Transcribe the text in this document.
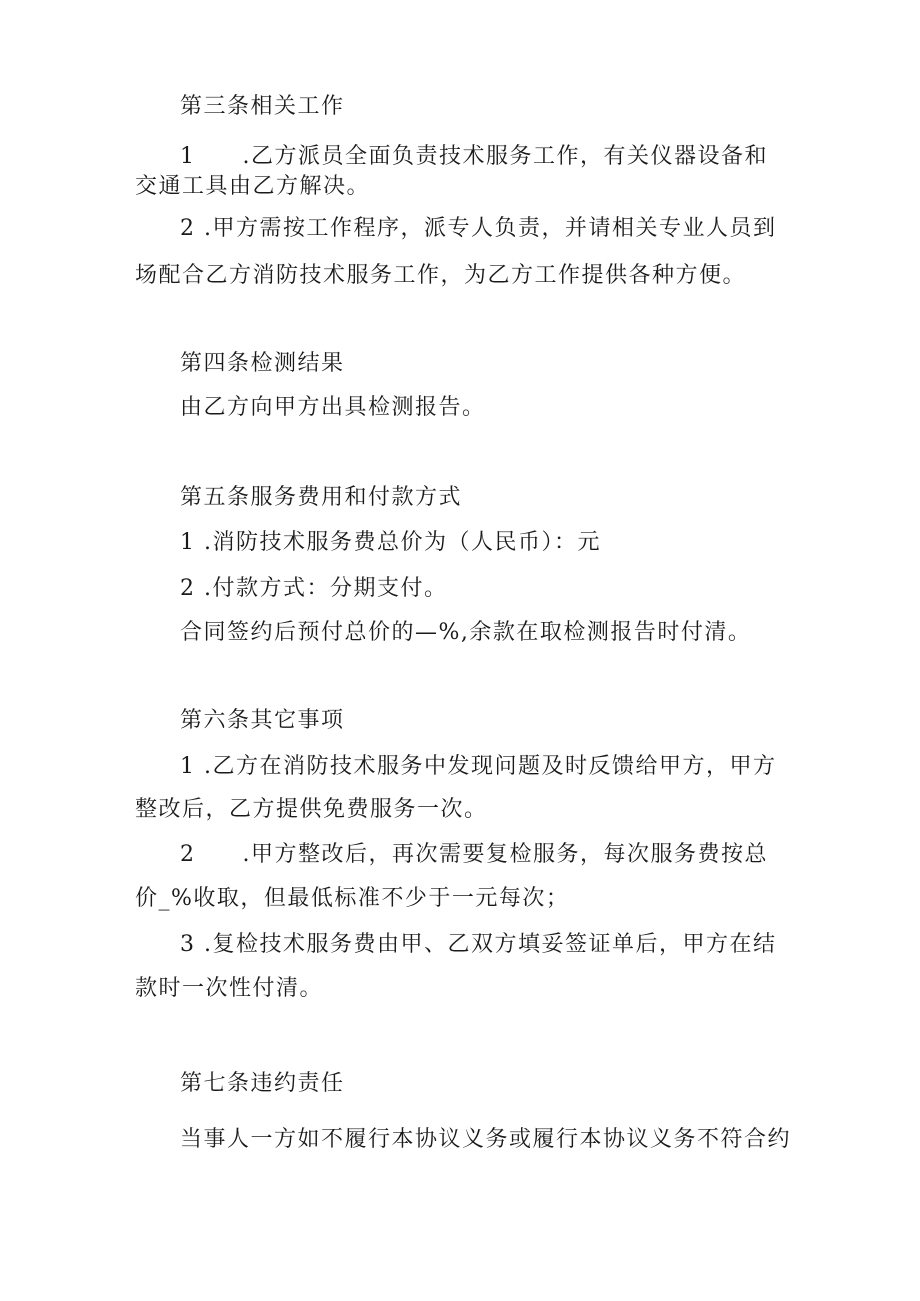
第三条相关工作
1　　.乙方派员全面负责技术服务工作，有关仪器设备和
交通工具由乙方解决。
2 .甲方需按工作程序，派专人负责，并请相关专业人员到
场配合乙方消防技术服务工作，为乙方工作提供各种方便。
第四条检测结果
由乙方向甲方出具检测报告。
第五条服务费用和付款方式
1 .消防技术服务费总价为（人民币）：元
2 .付款方式：分期支付。
合同签约后预付总价的—%,余款在取检测报告时付清。
第六条其它事项
1 .乙方在消防技术服务中发现问题及时反馈给甲方，甲方
整改后，乙方提供免费服务一次。
2　　.甲方整改后，再次需要复检服务，每次服务费按总
价_%收取，但最低标准不少于一元每次；
3 .复检技术服务费由甲、乙双方填妥签证单后，甲方在结
款时一次性付清。
第七条违约责任
当事人一方如不履行本协议义务或履行本协议义务不符合约
